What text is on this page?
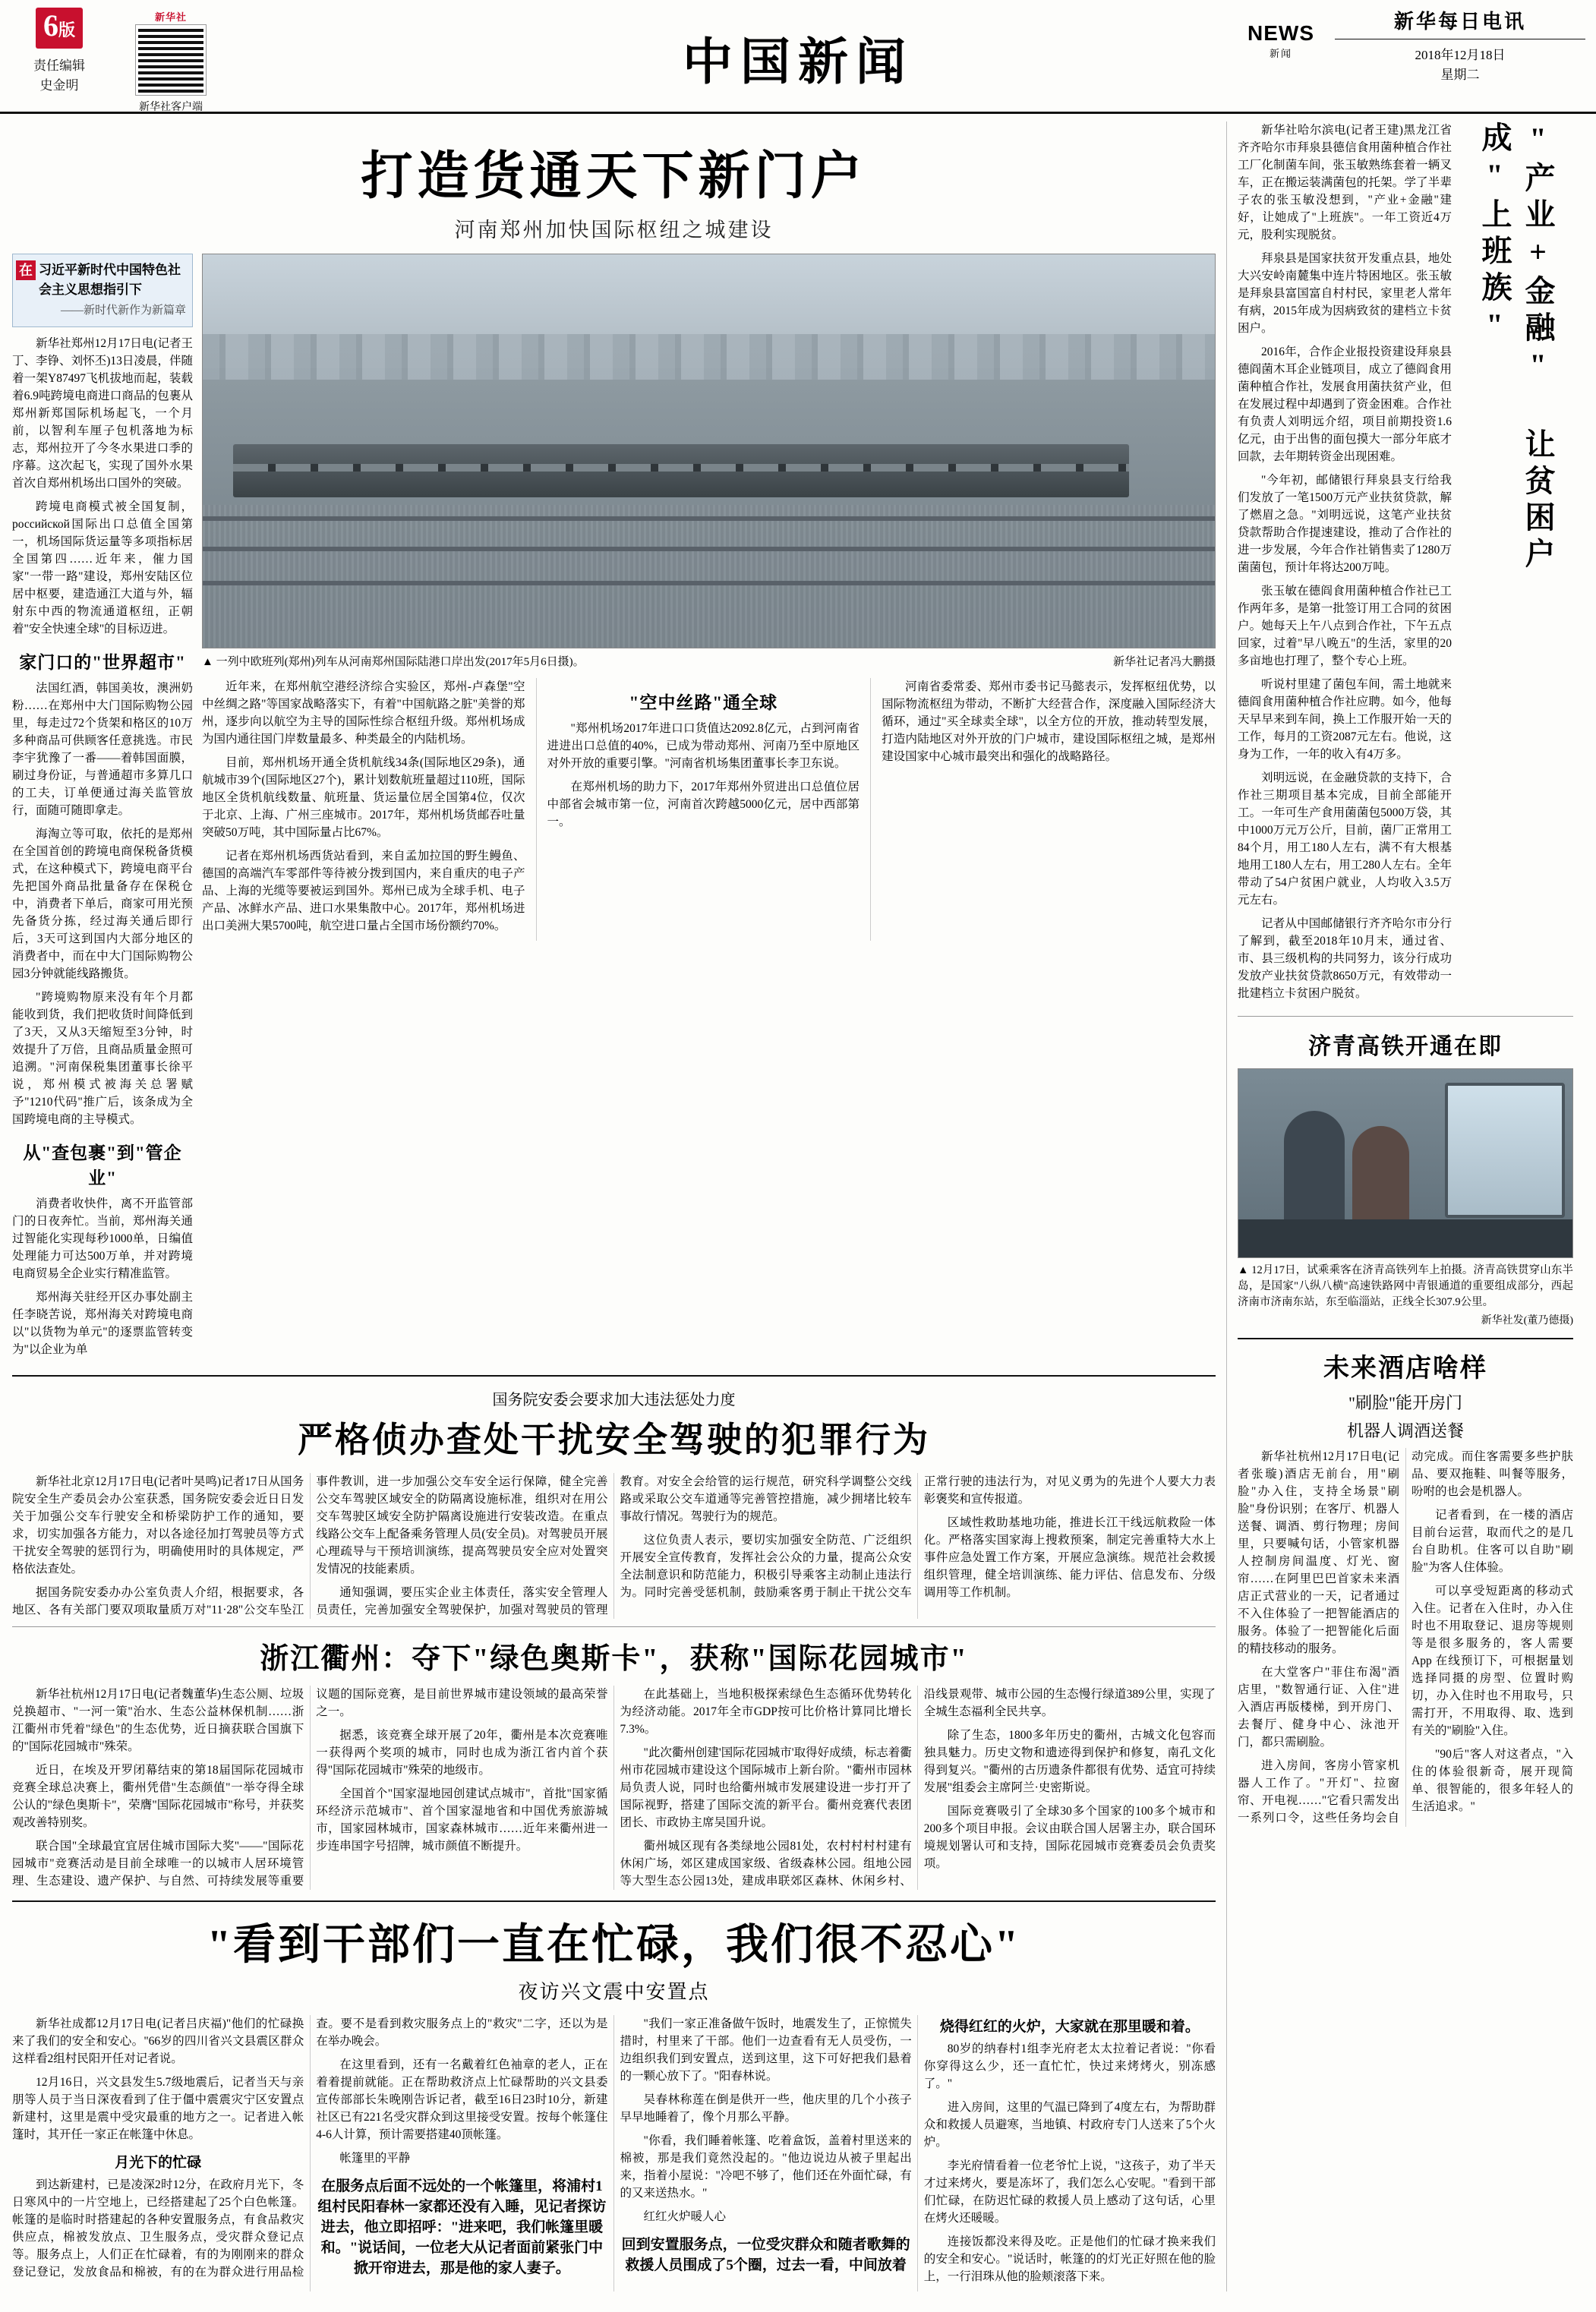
6版
责任编辑
史金明
新华社
新华社客户端
中国新闻
NEWS
新闻
新华每日电讯
2018年12月18日
星期二
打造货通天下新门户
河南郑州加快国际枢纽之城建设
在 习近平新时代中国特色社会主义思想指引下
——新时代新作为新篇章

新华社郑州12月17日电(记者王丁、李铮、刘怀丕)13日凌晨，伴随着一架Y87497飞机拔地而起，装载着6.9吨跨境电商进口商品的包裹从郑州新郑国际机场起飞，一个月前，以智利车厘子包机落地为标志，郑州拉开了今冬水果进口季的序幕。这次起飞，实现了国外水果首次自郑州机场出口国外的突破。

跨境电商模式被全国复制，российской国际出口总值全国第一，机场国际货运量等多项指标居全国第四……近年来，催力国家"一带一路"建设，郑州安陆区位居中枢要，建造通江大道与外，辐射东中西的物流通道枢纽，正朝着"安全快速全球"的目标迈进。

家门口的"世界超市"

法国红酒，韩国美妆，澳洲奶粉……在郑州中大门国际购物公园里，每走过72个货架和格区的10万多种商品可供顾客任意挑选。市民李宇犹豫了一番——着韩国面膜，刷过身份证，与普通超市多算几口的工夫，订单便通过海关监管放行，面随可随即拿走。

海淘立等可取，依托的是郑州在全国首创的跨境电商保税备货模式，在这种模式下，跨境电商平台先把国外商品批量备存在保税仓中，消费者下单后，商家可用光预先备货分拣，经过海关通后即行后，3天可这到国内大部分地区的消费者中，而在中大门国际购物公园3分钟就能线路搬货。

"跨境购物原来没有年个月都能收到货，我们把收货时间降低到了3天，又从3天缩短至3分钟，时效提升了万倍，且商品质量金照可追溯。"河南保税集团董事长徐平说，郑州模式被海关总署赋予"1210代码"推广后，该条成为全国跨境电商的主导模式。

从"查包裹"到"管企业"

消费者收快件，离不开监管部门的日夜奔忙。当前，郑州海关通过智能化实现每秒1000单，日编值处理能力可达500万单，并对跨境电商贸易全企业实行精准监管。

郑州海关驻经开区办事处副主任李晓苦说，郑州海关对跨境电商以"以货物为单元"的逐票监管转变为"以企业为单

▲ 一列中欧班列(郑州)列车从河南郑州国际陆港口岸出发(2017年5月6日摄)。	新华社记者冯大鹏摄

近年来，在郑州航空港经济综合实验区，郑州-卢森堡"空中丝绸之路"等国家战略落实下，有着"中国航路之脏"美誉的郑州，逐步向以航空为主导的国际性综合枢纽升级。郑州机场成为国内通往国门岸数量最多、种类最全的内陆机场。

目前，郑州机场开通全货机航线34条(国际地区29条)，通航城市39个(国际地区27个)，累计划数航班量超过110班，国际地区全货机航线数量、航班量、货运量位居全国第4位，仅次于北京、上海、广州三座城市。2017年，郑州机场货邮吞吐量突破50万吨，其中国际量占比67%。

记者在郑州机场西货站看到，来自孟加拉国的野生鳗鱼、德国的高端汽车零部件等待被分拨到国内，来自重庆的电子产品、上海的光缆等要被运到国外。郑州已成为全球手机、电子产品、冰鲜水产品、进口水果集散中心。2017年，郑州机场进出口美洲大果5700吨，航空进口量占全国市场份额约70%。

"空中丝路"通全球

"郑州机场2017年进口口货值达2092.8亿元，占到河南省进进出口总值的40%，已成为带动郑州、河南乃至中原地区对外开放的重要引擎。"河南省机场集团董事长李卫东说。

在郑州机场的助力下，2017年郑州外贸进出口总值位居中部省会城市第一位，河南首次跨越5000亿元，居中西部第一。

河南省委常委、郑州市委书记马懿表示，发挥枢纽优势，以国际物流枢纽为带动，不断扩大经营合作，深度融入国际经济大循环，通过"买全球卖全球"，以全方位的开放，推动转型发展，打造内陆地区对外开放的门户城市，建设国际枢纽之城，是郑州建设国家中心城市最突出和强化的战略路径。

国务院安委会要求加大违法惩处力度
严格侦办查处干扰安全驾驶的犯罪行为

新华社北京12月17日电(记者叶昊鸣)记者17日从国务院安全生产委员会办公室获悉，国务院安委会近日日发关于加强公交车行驶安全和桥梁防护工作的通知，要求，切实加强各方能力，对以各途径加打驾驶员等方式干扰安全驾驶的惩罚行为，明确使用时的具体规定，严格依法查处。

据国务院安委办办公室负责人介绍，根据要求，各地区、各有关部门要双项取量质万对"11·28"公交车坠江事件教训，进一步加强公交车安全运行保障，健全完善公交车驾驶区域安全的防隔离设施标准，组织对在用公交车驾驶区域安全防护隔离设施进行安装改造。在重点线路公交车上配备乘务管理人员(安全员)。对驾驶员开展心理疏导与干预培训演练，提高驾驶员安全应对处置突发情况的技能素质。

通知强调，要压实企业主体责任，落实安全管理人员责任，完善加强安全驾驶保护，加强对驾驶员的管理教育。对安全会给管的运行规范，研究科学调整公交线路或采取公交车道通等完善管控措施，减少拥堵比较车事故行情况。驾驶行为的规范。

这位负责人表示，要切实加强安全防范、广泛组织开展安全宣传教育，发挥社会公众的力量，提高公众安全法制意识和防范能力，积极引导乘客主动制止违法行为。同时完善受惩机制，鼓励乘客勇于制止干扰公交车正常行驶的违法行为，对见义勇为的先进个人要大力表彰褒奖和宣传报道。

区域性救助基地功能，推进长江干线远航救险一体化。严格落实国家海上搜救预案，制定完善重特大水上事件应急处置工作方案，开展应急演练。规范社会救援组织管理，健全培训演练、能力评估、信息发布、分级调用等工作机制。

浙江衢州：夺下"绿色奥斯卡"，获称"国际花园城市"

新华社杭州12月17日电(记者魏董华)生态公厕、垃圾兑换超市、"一河一策"治水、生态公益林保机制……浙江衢州市凭着"绿色"的生态优势，近日摘获联合国旗下的"国际花园城市"殊荣。

近日，在埃及开罗闭幕结束的第18届国际花园城市竞赛全球总决赛上，衢州凭借"生态颜值"一举夺得全球公认的"绿色奥斯卡"，荣膺"国际花园城市"称号，并获奖观改善特别奖。

联合国"全球最宜宜居住城市国际大奖"——"国际花园城市"竞赛活动是目前全球唯一的以城市人居环境管理、生态建设、遗产保护、与自然、可持续发展等重要议题的国际竞赛，是目前世界城市建设领域的最高荣誉之一。

据悉，该竞赛全球开展了20年，衢州是本次竞赛唯一获得两个奖项的城市，同时也成为浙江省内首个获得"国际花园城市"殊荣的地级市。

全国首个"国家湿地园创建试点城市"，首批"国家循环经济示范城市"、首个国家湿地省和中国优秀旅游城市，国家园林城市，国家森林城市……近年来衢州进一步连串国字号招牌，城市颜值不断提升。

在此基础上，当地积极探索绿色生态循环优势转化为经济动能。2017年全市GDP按可比价格计算同比增长7.3%。

"此次衢州创建'国际花园城市'取得好成绩，标志着衢州市花园城市建设这个国际城市上新台阶。"衢州市园林局负责人说，同时也给衢州城市发展建设进一步打开了国际视野，搭建了国际交流的新平台。衢州竞赛代表团团长、市政协主席吴国升说。

衢州城区现有各类绿地公园81处，农村村村村建有休闲广场，郊区建成国家级、省级森林公园。组地公园等大型生态公园13处，建成串联郊区森林、休闲乡村、沿线景观带、城市公园的生态慢行绿道389公里，实现了全城生态福利全民共享。

除了生态，1800多年历史的衢州，古城文化包容而独具魅力。历史文物和遗迹得到保护和修复，南孔文化得到复兴。"衢州的古历遗条件都很有优势、适宜可持续发展"组委会主席阿兰·史密斯说。

国际竞赛吸引了全球30多个国家的100多个城市和200多个项目申报。会议由联合国人居署主办，联合国环境规划署认可和支持，国际花园城市竞赛委员会负责奖项。

"看到干部们一直在忙碌，我们很不忍心"
夜访兴文震中安置点

新华社成都12月17日电(记者吕庆福)"他们的忙碌换来了我们的安全和安心。"66岁的四川省兴文县震区群众这样看2组村民阳开任对记者说。

12月16日，兴文县发生5.7级地震后，记者当天与亲朋等人员于当日深夜看到了住于僵中震震灾宁区安置点新建村，这里是震中受灾最重的地方之一。记者进入帐篷时，其开任一家正在帐篷中休息。

月光下的忙碌

到达新建村，已是凌深2时12分，在政府月光下，冬日寒风中的一片空地上，已经搭建起了25个白色帐篷。帐篷的是临时时搭建起的各种安置服务点，有食品救灾供应点，棉被发放点、卫生服务点，受灾群众登记点等。服务点上，人们正在忙碌着，有的为刚刚来的群众登记登记，发放食品和棉被，有的在为群众进行用品检查。要不是看到救灾服务点上的"救灾"二字，还以为是在举办晚会。

在这里看到，还有一名戴着红色袖章的老人，正在着着提前就能。正在帮助救济点上忙碌帮助的兴文县委宣传部部长朱晚刚告诉记者，截至16日23时10分，新建社区已有221名受灾群众到这里接受安置。按每个帐篷住4-6人计算，预计需要搭建40顶帐篷。

帐篷里的平静

在服务点后面不远处的一个帐篷里，将浦村1组村民阳春林一家都还没有入睡，见记者探访进去，他立即招呼："进来吧，我们帐篷里暖和。"说话间，一位老大从记者面前紧张门中掀开帘进去，那是他的家人妻子。

"我们一家正准备做午饭时，地震发生了，正惊慌失措时，村里来了干部。他们一边查看有无人员受伤，一边组织我们到安置点，送到这里，这下可好把我们悬着的一颗心放下了。"阳春林说。

吴春林称莲在倒是供开一些，他庆里的几个小孩子早早地睡着了，像个月那么平静。

"你看，我们睡着帐篷、吃着盒饭，盖着村里送来的棉被，那是我们竟然没起的。"他边说边从被子里起出来，指着小屋说："冷吧不够了，他们还在外面忙碌，有的又来送热水。"

红红火炉暖人心

回到安置服务点，一位受灾群众和随者歌舞的救援人员围成了5个圈，过去一看，中间放着烧得红红的火炉，大家就在那里暖和着。

80岁的纳春村1组李光府老太太拉着记者说："你看你穿得这么少，还一直忙忙，快过来烤烤火，别冻感了。"

进入房间，这里的气温已降到了4度左右，为帮助群众和救援人员避寒，当地镇、村政府专门人送来了5个火炉。

李光府情看着一位老爷忙上说，"这孩子，劝了半天才过来烤火，要是冻坏了，我们怎么心安呢。"看到干部们忙碌，在防迟忙碌的救援人员上感动了这句话，心里在烤火还暖暖。

连接饭都没来得及吃。正是他们的忙碌才换来我们的安全和安心。"说话时，帐篷的的灯光正好照在他的脸上，一行泪珠从他的脸颊滚落下来。

新华社哈尔滨电(记者王建)黑龙江省齐齐哈尔市拜泉县德信食用菌种植合作社工厂化制菌车间，张玉敏熟练套着一辆叉车，正在搬运装满菌包的托架。学了半辈子农的张玉敏没想到，"产业+金融"建好，让她成了"上班族"。一年工资近4万元，股利实现脱贫。

拜泉县是国家扶贫开发重点县，地处大兴安岭南麓集中连片特困地区。张玉敏是拜泉县富国富自村村民，家里老人常年有病，2015年成为因病致贫的建档立卡贫困户。

2016年，合作企业报投资建设拜泉县德阎菌木耳企业链项目，成立了德阎食用菌种植合作社，发展食用菌扶贫产业，但在发展过程中却遇到了资金困难。合作社有负责人刘明远介绍，项目前期投资1.6亿元，由于出售的面包摸大一部分年底才回款，去年期转资金出现困难。

"今年初，邮储银行拜泉县支行给我们发放了一笔1500万元产业扶贫贷款，解了燃眉之急。"刘明远说，这笔产业扶贫贷款帮助合作提速建设，推动了合作社的进一步发展，今年合作社销售卖了1280万菌菌包，预计年将达200万吨。

张玉敏在德阎食用菌种植合作社已工作两年多，是第一批签订用工合同的贫困户。她每天上午八点到合作社，下午五点回家，过着"早八晚五"的生活，家里的20多亩地也打理了，整个专心上班。

听说村里建了菌包车间，需土地就来德阎食用菌种植合作社应聘。如今，他每天早早来到车间，换上工作服开始一天的工作，每月的工资2087元左右。他说，这身为工作，一年的收入有4万多。

刘明远说，在金融贷款的支持下，合作社三期项目基本完成，目前全部能开工。一年可生产食用菌菌包5000万袋，其中1000万元万公斤，目前，菌厂正常用工84个月，用工180人左右，满不有大根基地用工180人左右，用工280人左右。全年带动了54户贫困户就业，人均收入3.5万元左右。

记者从中国邮储银行齐齐哈尔市分行了解到，截至2018年10月末，通过省、市、县三级机构的共同努力，该分行成功发放产业扶贫贷款8650万元，有效带动一批建档立卡贫困户脱贫。

"产业+金融" 让贫困户成"上班族"
济青高铁开通在即
▲ 12月17日，试乘乘客在济青高铁列车上拍摄。济青高铁贯穿山东半岛，是国家"八纵八横"高速铁路网中青银通道的重要组成部分，西起济南市济南东站，东至临淄站，正线全长307.9公里。
新华社发(董乃德摄)
未来酒店啥样
"刷脸"能开房门
机器人调酒送餐

新华社杭州12月17日电(记者张璇)酒店无前台，用"刷脸"办入住，支持全场景"刷脸"身份识别；在客厅、机器人送餐、调酒、剪行物理；房间里，只要喊句话，小管家机器人控制房间温度、灯光、窗帘……在阿里巴巴首家未来酒店正式营业的一天，记者通过不入住体验了一把智能酒店的服务。体验了一把智能化后面的精技移动的服务。

在大堂客户"菲住布渴"酒店里，"数智通行证、入住"进入酒店再版楼梯，到开房门、去餐厅、健身中心、泳池开门，都只需刷脸。

进入房间，客房小管家机器人工作了。"开灯"、拉窗帘、开电视……"它看只需发出一系列口令，这些任务均会自动完成。而住客需要多些护肤品、要双拖鞋、叫餐等服务，吩咐的也会是机器人。

记者看到，在一楼的酒店目前台运营，取而代之的是几台自助机。住客可以自助"刷脸"为客人住体验。

可以享受短距离的移动式入住。记者在入住时，办入住时也不用取登记、退房等规则等是很多服务的，客人需要 App 在线预订下，可根据量划选择同摄的房型、位置时购切，办入住时也不用取号，只需打开，不用取得、取、选到有关的"刷脸"入住。

"90后"客人对这者点，"入住的体验很新奇，展开现简单、很智能的，很多年轻人的生活追求。"
